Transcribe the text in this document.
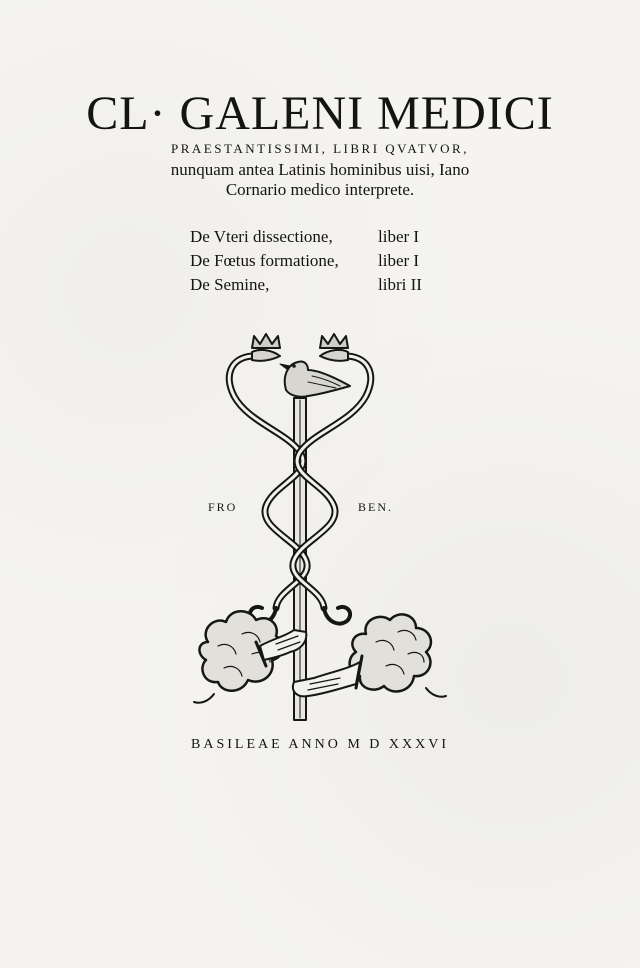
CL· GALENI MEDICI
PRAESTANTISSIMI, LIBRI QVATVOR,
nunquam antea Latinis hominibus uisi, Iano
Cornario medico interprete.
De Vteri dissectione,	liber I
De Fœtus formatione, liber I
De Semine,	libri II
FRO	BEN.
BASILEAE ANNO M D XXXVI
